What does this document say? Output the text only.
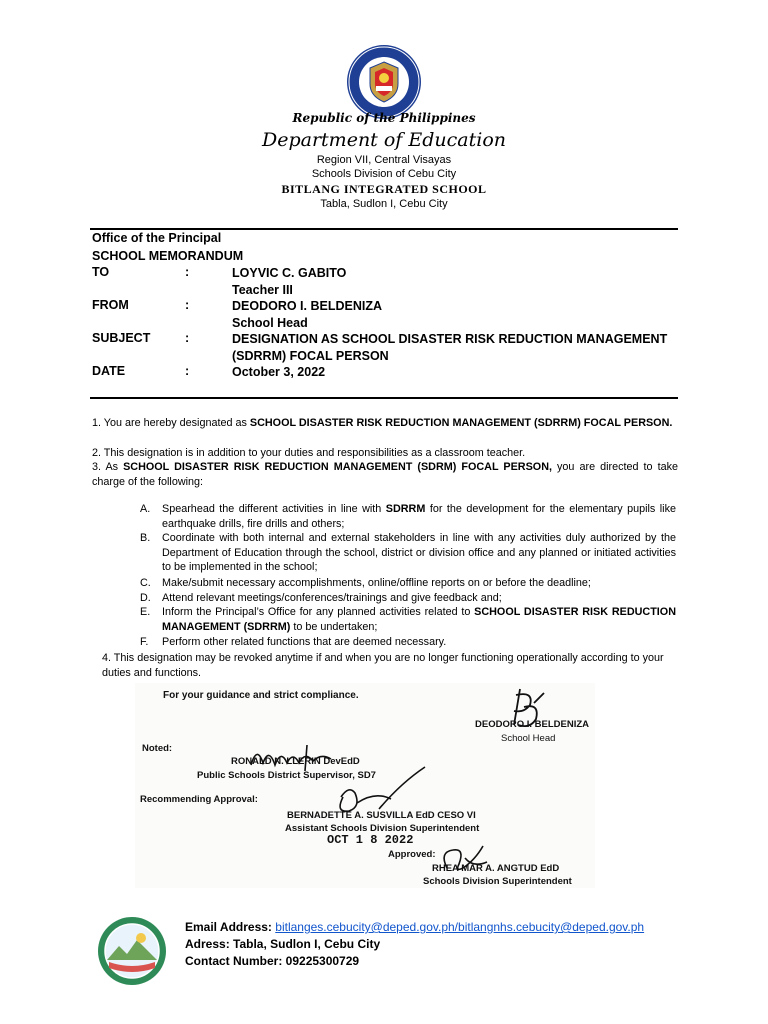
Republic of the Philippines
Department of Education
Region VII, Central Visayas
Schools Division of Cebu City
BITLANG INTEGRATED SCHOOL
Tabla, Sudlon I, Cebu City
Office of the Principal
SCHOOL MEMORANDUM
TO	:	LOYVIC C. GABITO
Teacher III
FROM	:	DEODORO I. BELDENIZA
School Head
SUBJECT	:	DESIGNATION AS SCHOOL DISASTER RISK REDUCTION MANAGEMENT
(SDRRM) FOCAL PERSON
DATE	:	October 3, 2022
1. You are hereby designated as SCHOOL DISASTER RISK REDUCTION MANAGEMENT (SDRRM) FOCAL PERSON.
2. This designation is in addition to your duties and responsibilities as a classroom teacher.
3. As SCHOOL DISASTER RISK REDUCTION MANAGEMENT (SDRM) FOCAL PERSON, you are directed to take charge of the following:
A. Spearhead the different activities in line with SDRRM for the development for the elementary pupils like earthquake drills, fire drills and others;
B. Coordinate with both internal and external stakeholders in line with any activities duly authorized by the Department of Education through the school, district or division office and any planned or initiated activities to be implemented in the school;
C. Make/submit necessary accomplishments, online/offline reports on or before the deadline;
D. Attend relevant meetings/conferences/trainings and give feedback and;
E. Inform the Principal’s Office for any planned activities related to SCHOOL DISASTER RISK REDUCTION MANAGEMENT (SDRRM) to be undertaken;
F. Perform other related functions that are deemed necessary.
4. This designation may be revoked anytime if and when you are no longer functioning operationally according to your duties and functions.
For your guidance and strict compliance.
DEODORO I. BELDENIZA
School Head
Noted:
RONALD N. LLERIN DevEdD
Public Schools District Supervisor, SD7
Recommending Approval:
BERNADETTE A. SUSVILLA EdD CESO VI
Assistant Schools Division Superintendent
OCT 1 8 2022
Approved:
RHEA MAR A. ANGTUD EdD
Schools Division Superintendent
Email Address: bitlanges.cebucity@deped.gov.ph/bitlangnhs.cebucity@deped.gov.ph
Adress: Tabla, Sudlon I, Cebu City
Contact Number: 09225300729
